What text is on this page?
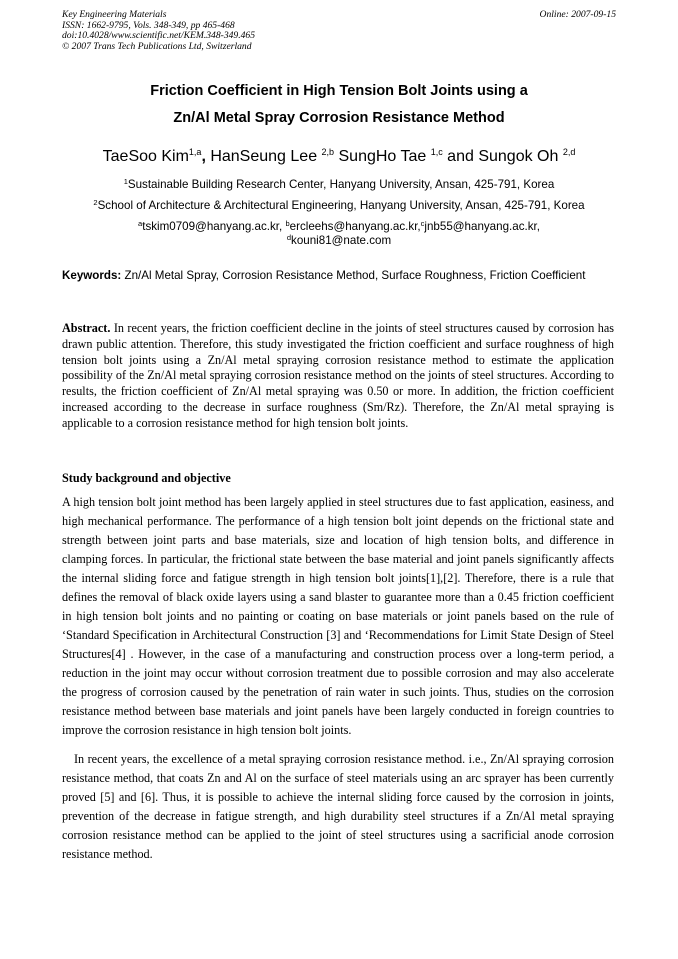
Key Engineering Materials
ISSN: 1662-9795, Vols. 348-349, pp 465-468
doi:10.4028/www.scientific.net/KEM.348-349.465
© 2007 Trans Tech Publications Ltd, Switzerland
Online: 2007-09-15
Friction Coefficient in High Tension Bolt Joints using a
Zn/Al Metal Spray Corrosion Resistance Method
TaeSoo Kim$^{1,a}$, HanSeung Lee $^{2,b}$ SungHo Tae $^{1,c}$ and Sungok Oh $^{2,d}$
$^1$Sustainable Building Research Center, Hanyang University, Ansan, 425-791, Korea
$^2$School of Architecture & Architectural Engineering, Hanyang University, Ansan, 425-791, Korea
$^a$tskim0709@hanyang.ac.kr, $^b$ercleehs@hanyang.ac.kr,$^c$jnb55@hanyang.ac.kr,
$^d$kouni81@nate.com
Keywords: Zn/Al Metal Spray, Corrosion Resistance Method, Surface Roughness, Friction Coefficient
Abstract. In recent years, the friction coefficient decline in the joints of steel structures caused by corrosion has drawn public attention. Therefore, this study investigated the friction coefficient and surface roughness of high tension bolt joints using a Zn/Al metal spraying corrosion resistance method to estimate the application possibility of the Zn/Al metal spraying corrosion resistance method on the joints of steel structures. According to results, the friction coefficient of Zn/Al metal spraying was 0.50 or more. In addition, the friction coefficient increased according to the decrease in surface roughness (Sm/Rz). Therefore, the Zn/Al metal spraying is applicable to a corrosion resistance method for high tension bolt joints.
Study background and objective

A high tension bolt joint method has been largely applied in steel structures due to fast application, easiness, and high mechanical performance. The performance of a high tension bolt joint depends on the frictional state and strength between joint parts and base materials, size and location of high tension bolts, and difference in clamping forces. In particular, the frictional state between the base material and joint panels significantly affects the internal sliding force and fatigue strength in high tension bolt joints[1],[2]. Therefore, there is a rule that defines the removal of black oxide layers using a sand blaster to guarantee more than a 0.45 friction coefficient in high tension bolt joints and no painting or coating on base materials or joint panels based on the rule of ‘Standard Specification in Architectural Construction [3] and ‘Recommendations for Limit State Design of Steel Structures[4] . However, in the case of a manufacturing and construction process over a long-term period, a reduction in the joint may occur without corrosion treatment due to possible corrosion and may also accelerate the progress of corrosion caused by the penetration of rain water in such joints. Thus, studies on the corrosion resistance method between base materials and joint panels have been largely conducted in foreign countries to improve the corrosion resistance in high tension bolt joints.

In recent years, the excellence of a metal spraying corrosion resistance method. i.e., Zn/Al spraying corrosion resistance method, that coats Zn and Al on the surface of steel materials using an arc sprayer has been currently proved [5] and [6]. Thus, it is possible to achieve the internal sliding force caused by the corrosion in joints, prevention of the decrease in fatigue strength, and high durability steel structures if a Zn/Al metal spraying corrosion resistance method can be applied to the joint of steel structures using a sacrificial anode corrosion resistance method.
